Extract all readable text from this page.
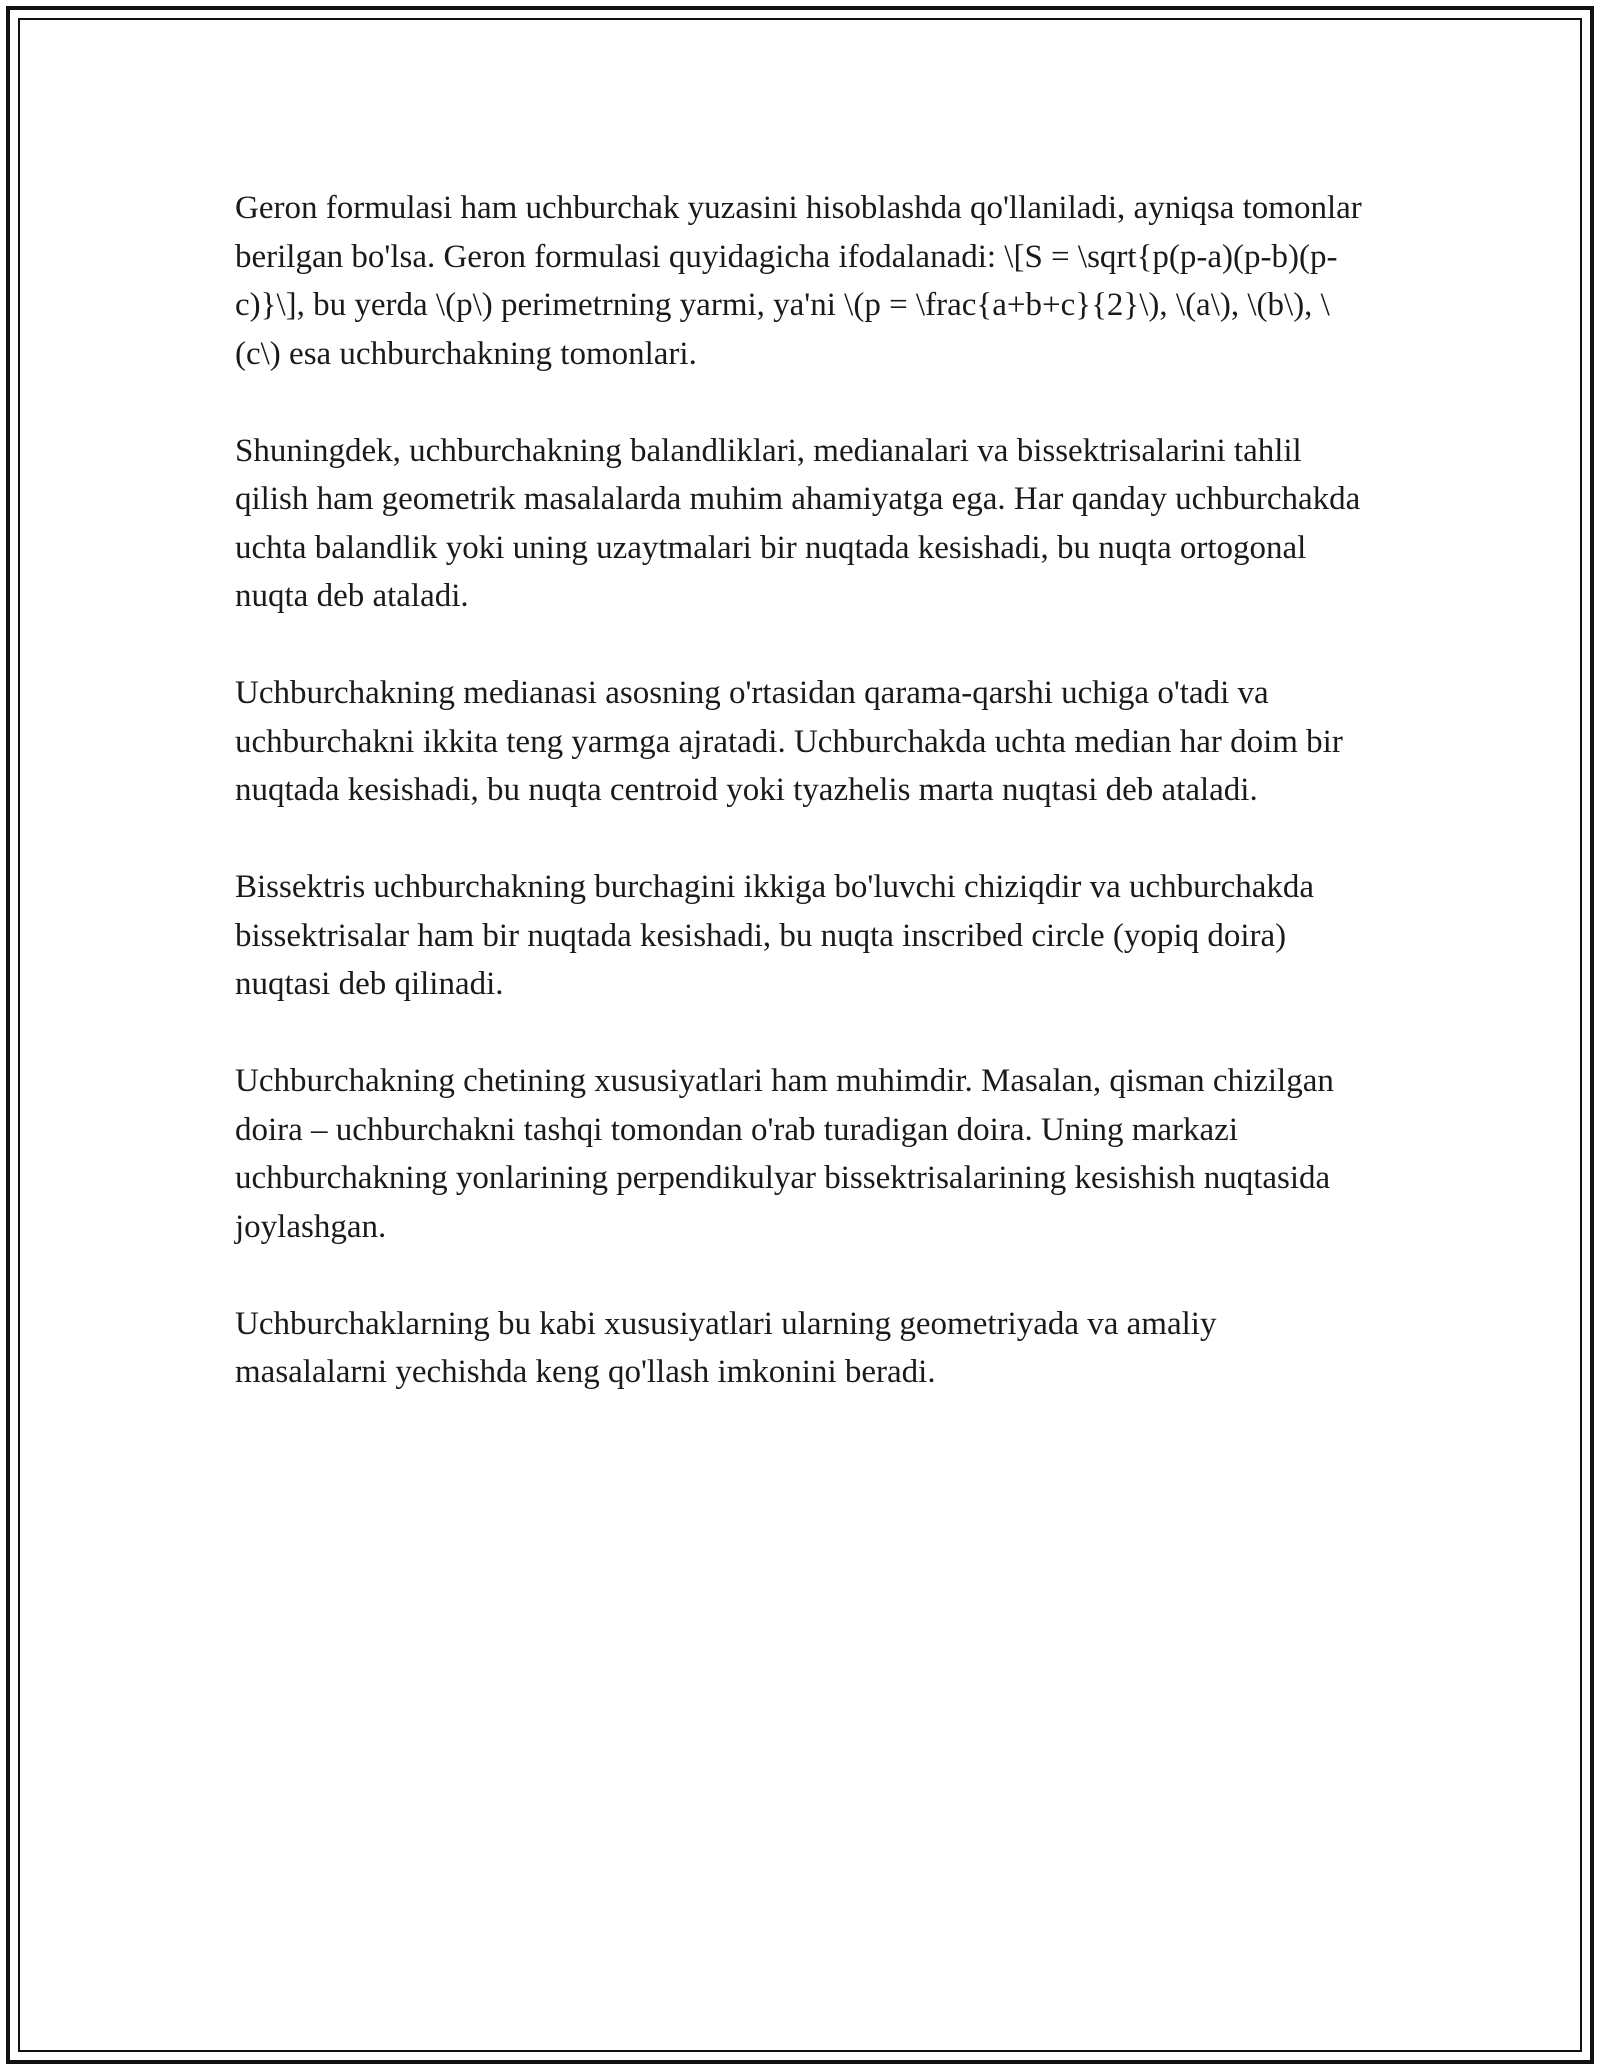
Geron formulasi ham uchburchak yuzasini hisoblashda qo'llaniladi, ayniqsa tomonlar berilgan bo'lsa. Geron formulasi quyidagicha ifodalanadi: \[S = \sqrt{p(p-a)(p-b)(p-c)}\], bu yerda \(p\) perimetrning yarmi, ya'ni \(p = \frac{a+b+c}{2}\), \(a\), \(b\), \(c\) esa uchburchakning tomonlari.

Shuningdek, uchburchakning balandliklari, medianalari va bissektrisalarini tahlil qilish ham geometrik masalalarda muhim ahamiyatga ega. Har qanday uchburchakda uchta balandlik yoki uning uzaytmalari bir nuqtada kesishadi, bu nuqta ortogonal nuqta deb ataladi.

Uchburchakning medianasi asosning o'rtasidan qarama-qarshi uchiga o'tadi va uchburchakni ikkita teng yarmga ajratadi. Uchburchakda uchta median har doim bir nuqtada kesishadi, bu nuqta centroid yoki tyazhelis marta nuqtasi deb ataladi.

Bissektris uchburchakning burchagini ikkiga bo'luvchi chiziqdir va uchburchakda bissektrisalar ham bir nuqtada kesishadi, bu nuqta inscribed circle (yopiq doira) nuqtasi deb qilinadi.

Uchburchakning chetining xususiyatlari ham muhimdir. Masalan, qisman chizilgan doira – uchburchakni tashqi tomondan o'rab turadigan doira. Uning markazi uchburchakning yonlarining perpendikulyar bissektrisalarining kesishish nuqtasida joylashgan.

Uchburchaklarning bu kabi xususiyatlari ularning geometriyada va amaliy masalalarni yechishda keng qo'llash imkonini beradi.
